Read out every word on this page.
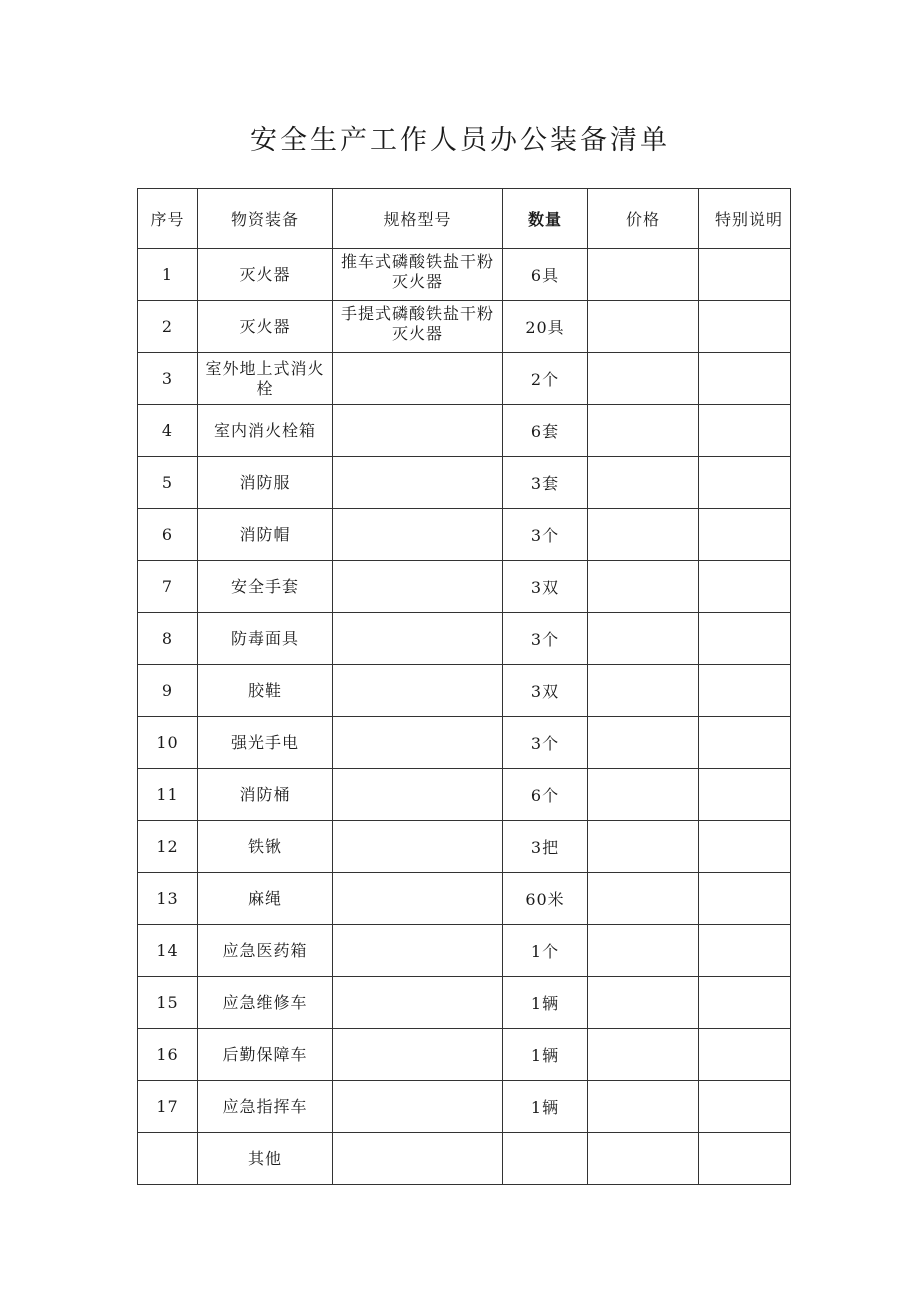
安全生产工作人员办公装备清单
序号	物资装备	规格型号	数量	价格	特别说明
1	灭火器	推车式磷酸铁盐干粉灭火器	6具		
2	灭火器	手提式磷酸铁盐干粉灭火器	20具		
3	室外地上式消火栓		2个		
4	室内消火栓箱		6套		
5	消防服		3套		
6	消防帽		3个		
7	安全手套		3双		
8	防毒面具		3个		
9	胶鞋		3双		
10	强光手电		3个		
11	消防桶		6个		
12	铁锹		3把		
13	麻绳		60米		
14	应急医药箱		1个		
15	应急维修车		1辆		
16	后勤保障车		1辆		
17	应急指挥车		1辆		
	其他				
